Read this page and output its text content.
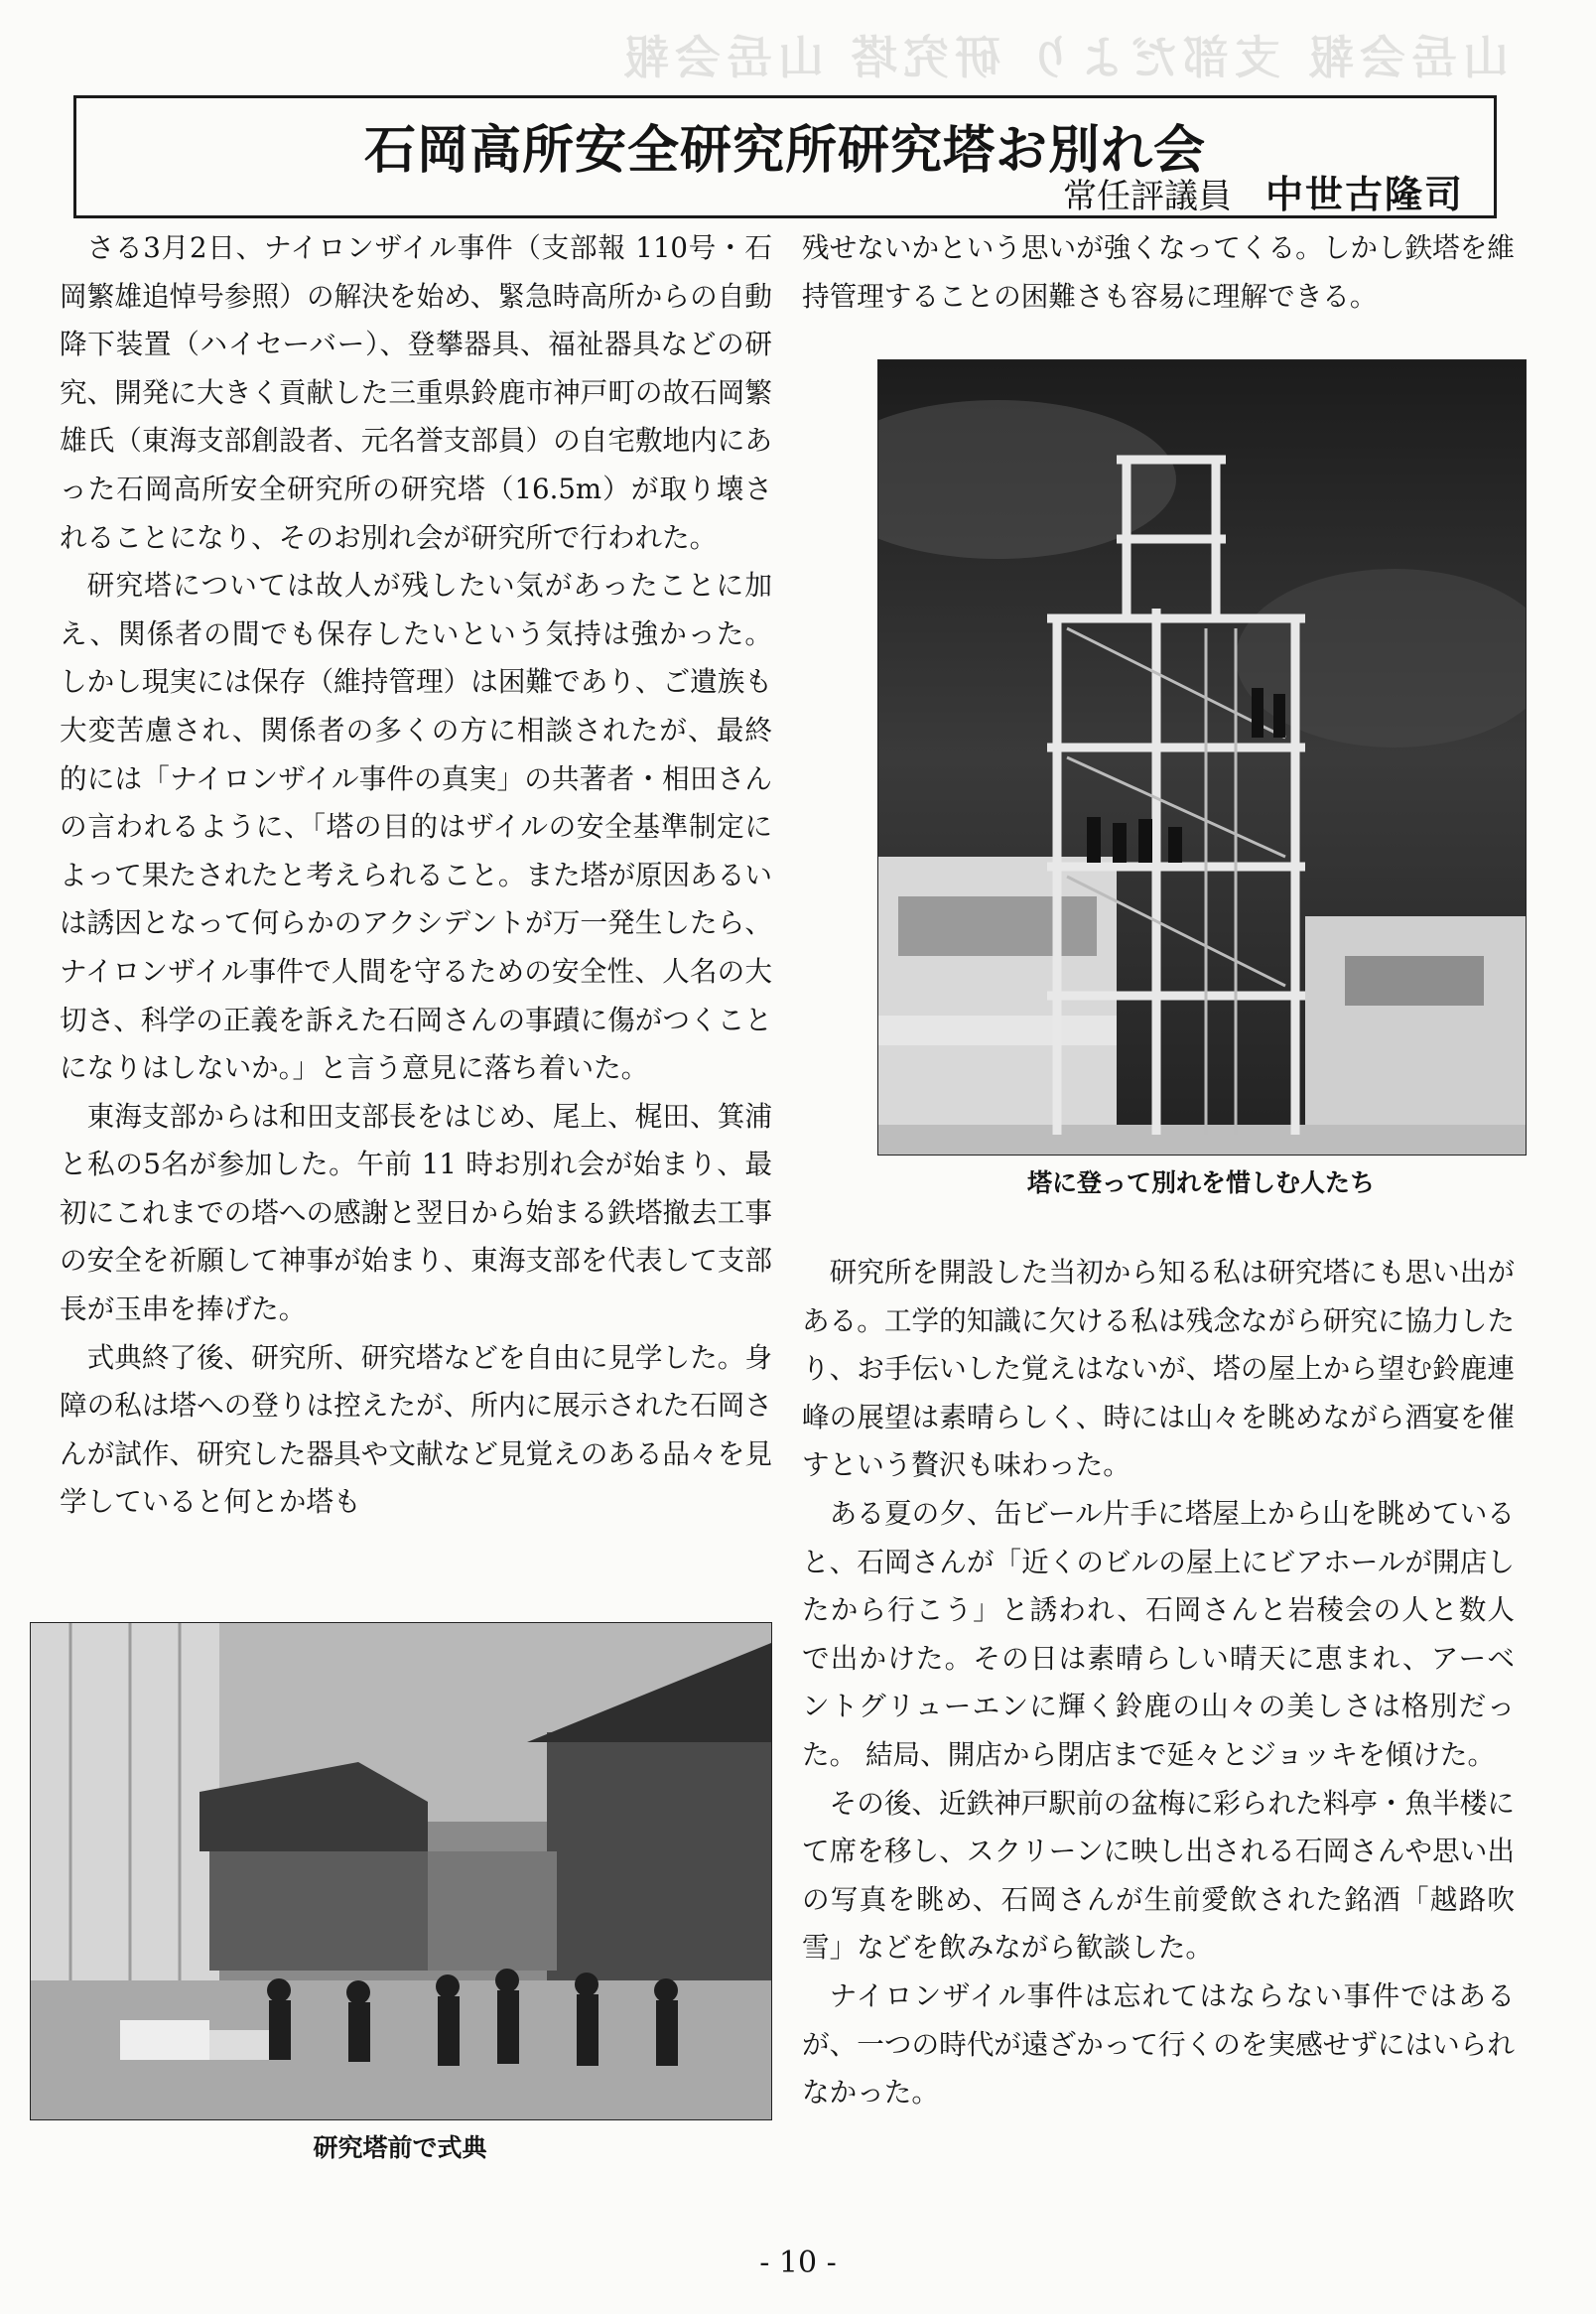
山岳会報 支部だより 研究塔 山岳会報
石岡高所安全研究所研究塔お別れ会
常任評議員 中世古隆司

さる3月2日、ナイロンザイル事件（支部報 110号・石岡繁雄追悼号参照）の解決を始め、緊急時高所からの自動降下装置（ハイセーバー）、登攀器具、福祉器具などの研究、開発に大きく貢献した三重県鈴鹿市神戸町の故石岡繁雄氏（東海支部創設者、元名誉支部員）の自宅敷地内にあった石岡高所安全研究所の研究塔（16.5m）が取り壊されることになり、そのお別れ会が研究所で行われた。

研究塔については故人が残したい気があったことに加え、関係者の間でも保存したいという気持は強かった。しかし現実には保存（維持管理）は困難であり、ご遺族も大変苦慮され、関係者の多くの方に相談されたが、最終的には「ナイロンザイル事件の真実」の共著者・相田さんの言われるように、「塔の目的はザイルの安全基準制定によって果たされたと考えられること。また塔が原因あるいは誘因となって何らかのアクシデントが万一発生したら、ナイロンザイル事件で人間を守るための安全性、人名の大切さ、科学の正義を訴えた石岡さんの事蹟に傷がつくことになりはしないか。」と言う意見に落ち着いた。

東海支部からは和田支部長をはじめ、尾上、梶田、箕浦と私の5名が参加した。午前 11 時お別れ会が始まり、最初にこれまでの塔への感謝と翌日から始まる鉄塔撤去工事の安全を祈願して神事が始まり、東海支部を代表して支部長が玉串を捧げた。

式典終了後、研究所、研究塔などを自由に見学した。身障の私は塔への登りは控えたが、所内に展示された石岡さんが試作、研究した器具や文献など見覚えのある品々を見学していると何とか塔も

残せないかという思いが強くなってくる。しかし鉄塔を維持管理することの困難さも容易に理解できる。

塔に登って別れを惜しむ人たち

研究所を開設した当初から知る私は研究塔にも思い出がある。工学的知識に欠ける私は残念ながら研究に協力したり、お手伝いした覚えはないが、塔の屋上から望む鈴鹿連峰の展望は素晴らしく、時には山々を眺めながら酒宴を催すという贅沢も味わった。

ある夏の夕、缶ビール片手に塔屋上から山を眺めていると、石岡さんが「近くのビルの屋上にビアホールが開店したから行こう」と誘われ、石岡さんと岩稜会の人と数人で出かけた。その日は素晴らしい晴天に恵まれ、アーベントグリューエンに輝く鈴鹿の山々の美しさは格別だった。 結局、開店から閉店まで延々とジョッキを傾けた。

その後、近鉄神戸駅前の盆梅に彩られた料亭・魚半楼にて席を移し、スクリーンに映し出される石岡さんや思い出の写真を眺め、石岡さんが生前愛飲された銘酒「越路吹雪」などを飲みながら歓談した。

ナイロンザイル事件は忘れてはならない事件ではあるが、一つの時代が遠ざかって行くのを実感せずにはいられなかった。

研究塔前で式典
- 10 -
